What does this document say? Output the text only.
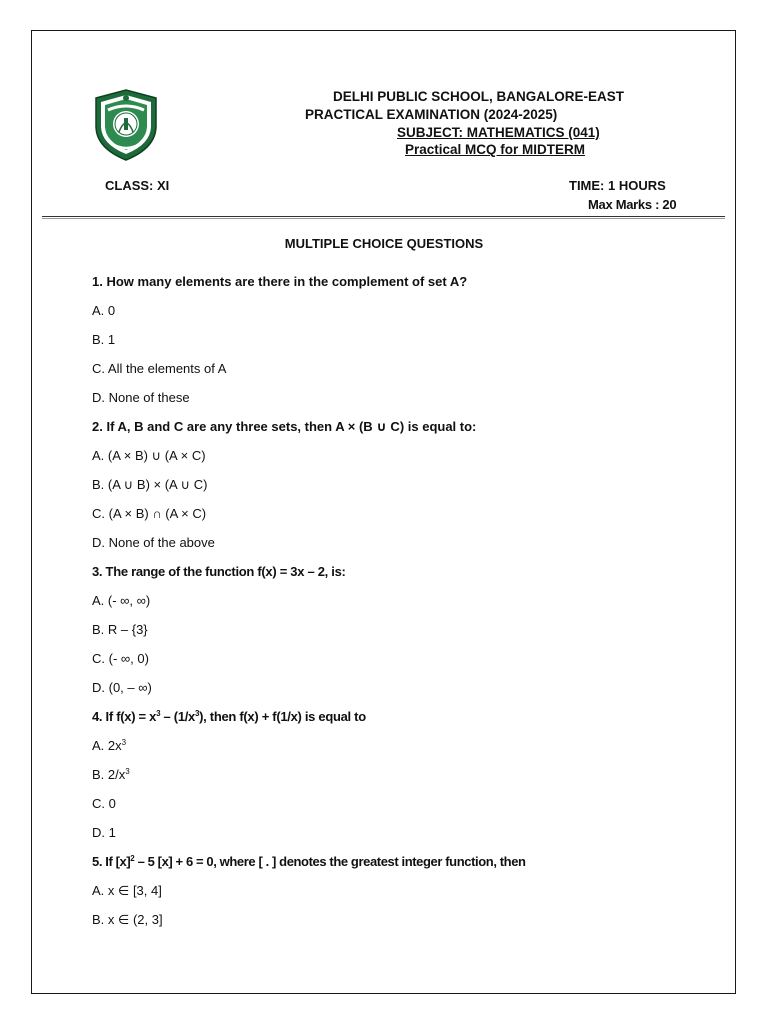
DELHI PUBLIC SCHOOL, BANGALORE-EAST
PRACTICAL EXAMINATION (2024-2025)
SUBJECT: MATHEMATICS (041)
Practical MCQ for MIDTERM
CLASS: XI	TIME: 1 HOURS
Max Marks : 20
MULTIPLE CHOICE QUESTIONS
1. How many elements are there in the complement of set A?
A. 0
B. 1
C. All the elements of A
D. None of these
2. If A, B and C are any three sets, then A × (B ∪ C) is equal to:
A. (A × B) ∪ (A × C)
B. (A ∪ B) × (A ∪ C)
C. (A × B) ∩ (A × C)
D. None of the above
3. The range of the function f(x) = 3x – 2, is:
A. (- ∞, ∞)
B. R – {3}
C. (- ∞, 0)
D. (0, – ∞)
4. If $f(x) = x^3 - (1/x^3)$, then f(x) + f(1/x) is equal to
A. $2x^3$
B. $2/x^3$
C. 0
D. 1
5. If $[x]^2 - 5$ [x] + 6 = 0, where [ . ] denotes the greatest integer function, then
A. x ∈ [3, 4]
B. x ∈ (2, 3]
